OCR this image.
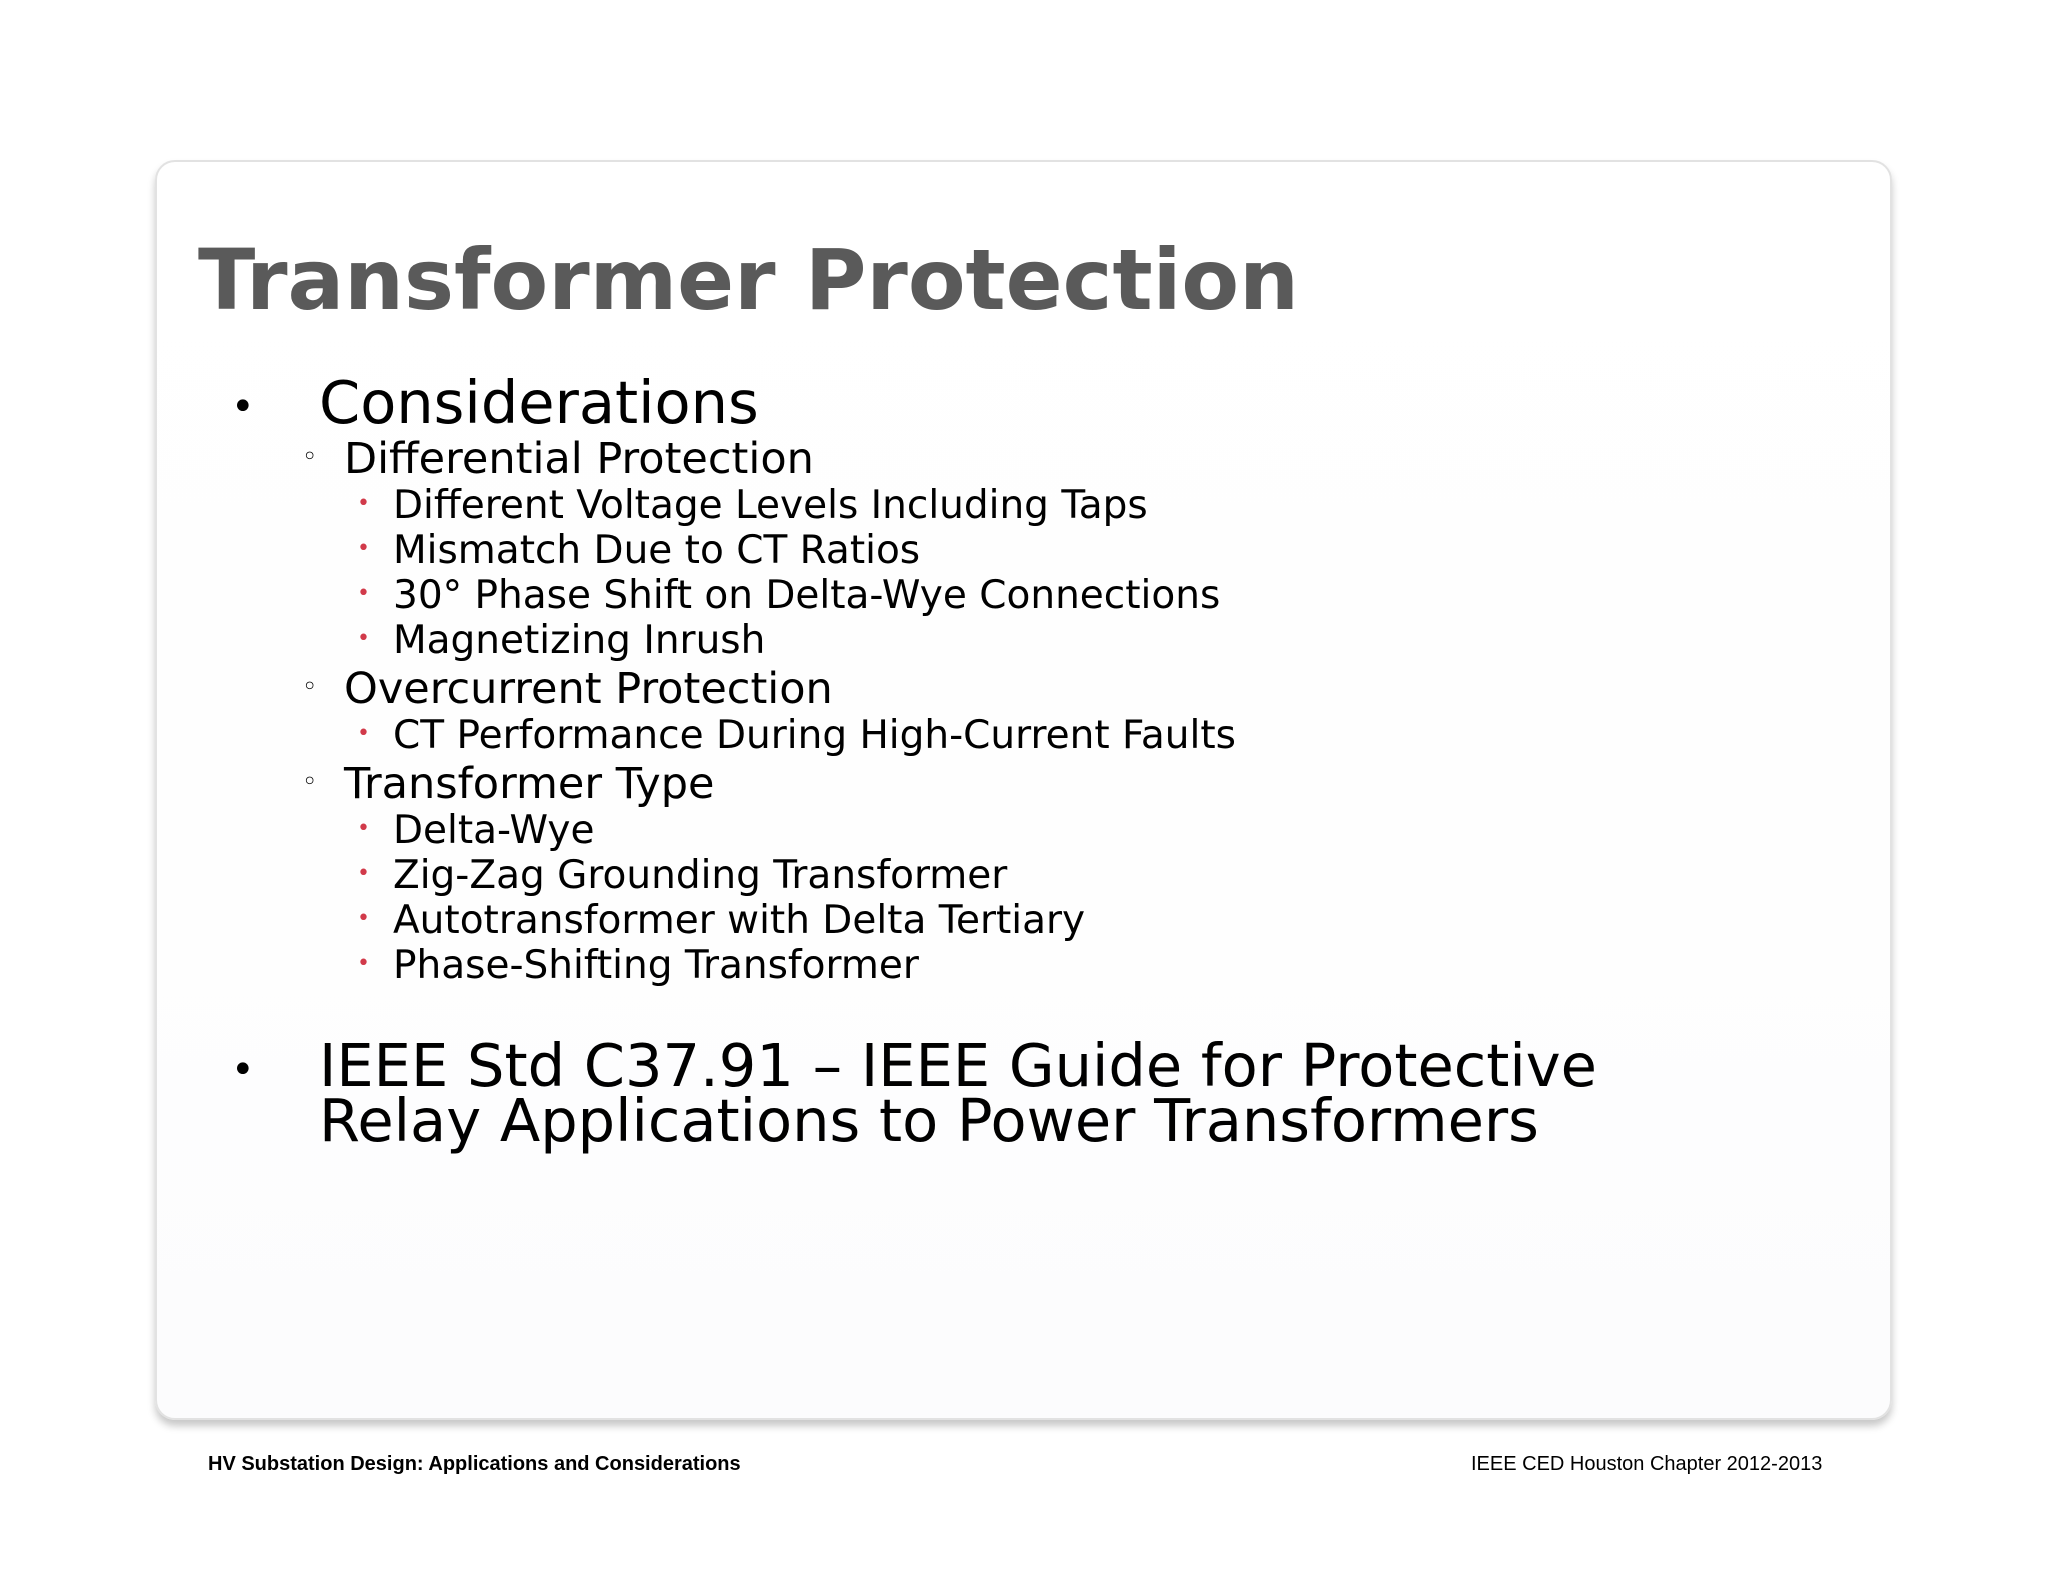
Transformer Protection
• Considerations
◦ Differential Protection
• Different Voltage Levels Including Taps
• Mismatch Due to CT Ratios
• 30° Phase Shift on Delta-Wye Connections
• Magnetizing Inrush
◦ Overcurrent Protection
• CT Performance During High-Current Faults
◦ Transformer Type
• Delta-Wye
• Zig-Zag Grounding Transformer
• Autotransformer with Delta Tertiary
• Phase-Shifting Transformer
• IEEE Std C37.91 – IEEE Guide for Protective
Relay Applications to Power Transformers
HV Substation Design: Applications and Considerations	IEEE CED Houston Chapter 2012-2013
